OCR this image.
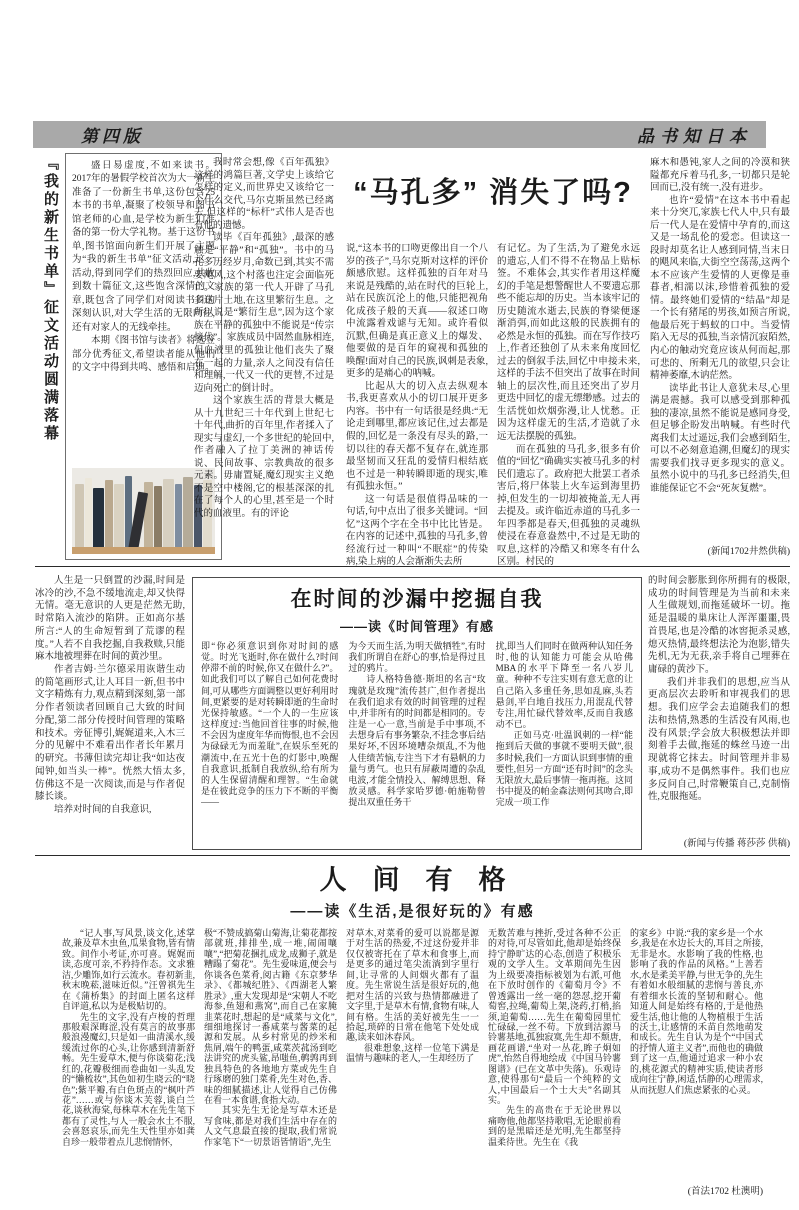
第四版	品书知日本
『我的新生书单』征文活动圆满落幕	盛日易虚度,不如来读书。2017年的暑假学校首次为大一新生准备了一份新生书单,这份包含25本书的书单,凝聚了校领导和图书馆老师的心血,是学校为新生们准备的第一份大学礼物。基于这份书单,图书馆面向新生们开展了主题为“我的新生书单”征文活动,这一活动,得到同学们的热烈回应,共收到数十篇征文,这些饱含深情的文章,既包含了同学们对阅读书目的深刻认识,对大学生活的无限向往,还有对家人的无线牵挂。

本期《图书馆与读者》将选登部分优秀征文,希望读者能从他们的文字中得到共鸣、感悟和启迪。

“马孔多” 消失了吗?

我时常会想,像《百年孤独》这样的鸿篇巨著,文学史上该给它怎样的定义,而世界史又该给它一个什么交代,马尔克斯虽然已经离去,但这样的“标杆”式伟人是否也有他的遗憾。

读毕《百年孤独》,最深的感触是“平静”和“孤独”。书中的马孔多历经岁月,命数已到,其实不需要飓风,这个村落也注定会面临死亡。家族的第一代人开辟了马孔多这片土地,在这里繁衍生息。之所以说是“繁衍生息”,因为这个家族在平静的孤独中不能说是“传宗接代”。家族成员中固然血脉相连,但血液里的孤独让他们丧失了聚在一起的力量,亲人之间没有信任和理解,一代又一代的更替,不过是迈向死亡的倒计时。

这个家族生活的背景大概是从十九世纪三十年代到上世纪七十年代,曲折的百年里,作者揉入了现实与虚幻,一个多世纪的轮回中,作者融入了拉丁美洲的神话传说、民间故事、宗教典故的很多元素。毋庸置疑,魔幻现实主义绝不是空中楼阁,它的根基深深的扎在了每个人的心里,甚至是一个时代的血液里。有的评论

说,“这本书的口吻更像出自一个八岁的孩子”,马尔克斯对这样的评价颇感欣慰。这样孤独的百年对马来说是残酷的,站在时代的巨轮上,站在民族沉沦上的他,只能把视角化成孩子般的天真——叙述口吻中流露着戏谑与无知。或许看似沉默,但确是真正意义上的爆发、他要做的是百年的窥视和孤独的唤醒!面对自己的民族,讽刺是表象,更多的是痛心的呐喊。

比起从大的切入点去纵观本书,我更喜欢从小的切口展开更多内容。书中有一句话很是经典:“无论走到哪里,都应该记住,过去都是假的,回忆是一条没有尽头的路,一切以往的春天都不复存在,就连那最坚韧而又狂乱的爱情归根结底也不过是一种转瞬即逝的现实,唯有孤独永恒。”

这一句话是很值得品味的一句话,句中点出了很多关键词。“回忆”这两个字在全书中比比皆是。在内容的记述中,孤独的马孔多,曾经流行过一种叫“不眠症”的传染病,染上病的人会渐渐失去所

有记忆。为了生活,为了避免永远的遗忘,人们不得不在物品上贴标签。不难体会,其实作者用这样魔幻的手笔是想警醒世人不要遗忘那些不能忘却的历史。当本该牢记的历史随流水逝去,民族的脊梁便逐渐消弭,而如此这般的民族拥有的必然是永恒的孤独。而在写作技巧上,作者还独创了从未来角度回忆过去的倒叙手法,回忆中申接未来,这样的手法不但突出了故事在时间轴上的层次性,而且还突出了岁月更迭中回忆的虚无缥缈感。过去的生活恍如炊烟弥漫,让人忧愁。正因为这样虚无的生活,才造就了永远无法摆脱的孤独。

而在孤独的马孔多,很多有价值的“回忆”确确实实被马孔多的村民们遗忘了。政府把大批罢工者杀害后,将尸体装上火车运到海里扔掉,但发生的一切却被掩盖,无人再去提及。或许临近赤道的马孔多一年四季都是春天,但孤独的灵魂纵使浸在春意盎然中,不过是无助的叹息,这样的冷酷又和寒冬有什么区别。村民的

麻木和愚钝,家人之间的冷漠和狭隘都充斥着马孔多,一切都只是轮回而已,没有统一,没有进步。

也许“爱情”在这本书中看起来十分突兀,家族七代人中,只有最后一代人是在爱情中孕育的,而这又是一场乱伦的爱恋。但读这一段时却莫名让人感到同情,当末日的飓风来临,大街空空荡荡,这两个本不应该产生爱情的人更像是垂暮者,相濡以沫,珍惜着孤独的爱情。最终她们爱情的“结晶”却是一个长有猪尾的男孩,如预言所说,他最后死于蚂蚁的口中。当爱情陷入无尽的孤独,当亲情沉寂陌然,内心的触动究竟应该从何而起,那可悲的、所剩无几的欲望,只会让精神萎靡,木讷茫然。

读毕此书让人意犹未尽,心里满是震撼。我可以感受到那种孤独的凄凉,虽然不能说是感同身受,但足够企盼发出呐喊。有些时代离我们太过遥远,我们会感到陌生,可以不必刻意追溯,但魔幻的现实需要我们找寻更多现实的意义。虽然小说中的马孔多已经消失,但谁能保证它不会“死灰复燃”。

(新闻1702井然供稿)

人生是一只倒置的沙漏,时间是冰冷的沙,不急不缓地流走,却又快得无情。毫无意识的人更是茫然无助,时常陷入流沙的陷阱。正如高尔基所言:“人的生命短暂到了荒谬的程度。”人若不自我挖掘,自我救赎,只能麻木地被埋葬在时间的黄沙里。

作者吉姆·兰尔德采用诙谐生动的简笔画形式,让人耳目一新,但书中文字精炼有力,观点精到深刻,第一部分作者领读者回顾自己大致的时间分配,第二部分传授时间管理的策略和技术。旁征博引,娓娓道来,入木三分的见解中不难看出作者长年累月的研究。书薄但读完却让我“如达夜闻钟,如当头一棒”。恍然大悟太多,仿佛这不是一次阅读,而是与作者促膝长谈。

培养对时间的自我意识,

在时间的沙漏中挖掘自我
——读《时间管理》有感

即“你必须意识到你对时间的感觉。时光飞逝时,你在做什么?时间停滞不前的时候,你又在做什么?”。如此我们可以了解自己如何花费时间,可从哪些方面调整以更好利用时间,更紧要的是对转瞬即逝的生命时光保持敏感。“一个人的一生应该这样度过:当他回首往事的时候,他不会因为虚度年华而悔恨,也不会因为碌碌无为而羞耻”,在娱乐至死的潮流中,在五光十色的灯影中,唤醒自我意识,抵制自我放纵,给有所为的人生保留清醒和理智。“生命就是在彼此竞争的压力下不断的平衡——

为今天而生活,为明天做牺牲”,有时我们所谓自在舒心的事,恰是得过且过的鸦片。

诗人格特鲁德·斯坦的名言“玫瑰就是玫瑰”流传甚广,但作者提出在我们追求有效的时间管理的过程中,并非所有的时间都是相同的。专注是一心一意,当前是手中事项,不去想身后有事务繁杂,不挂念事后结果好坏,不因环境嘈杂烦乱,不为他人佳绩苦恼,专注当下才有悬帆的力量与勇气。也只有屏蔽周遭的杂乱电波,才能全情投入、解缚思想、释放灵感。科学家哈罗德·帕施勒曾提出双重任务干

扰,即当人们同时在做两种认知任务时,他的认知能力可能会从哈佛MBA的水平下降至一名八岁儿童。种种不专注实则有意无意的让自己陷入多重任务,思如乱麻,头若悬剑,平白地自找压力,用混乱代替专注,用忙碌代替效率,反而自我感动不已。

正如马克·吐温讽刺的一样“能拖到后天做的事就不要明天做”,很多时候,我们一方面认识到事情的重要性,但另一方面“还有时间”的念头无限放大,最后事情一拖再拖。这同书中提及的帕金森法则何其吻合,即完成一项工作

的时间会膨胀到你所拥有的极限,成功的时间管理是为当前和未来人生做规划,而拖延破坏一切。拖延是温暖的巢床让人浑浑噩噩,畏首畏尾,也是冷酷的冰窖扼杀灵感,熄灭热情,最终想法沦为泡影,错失先机,无为无获,亲手将自己埋葬在庸碌的黄沙下。

我们并非我们的思想,应当从更高层次去聆听和审视我们的思想。我们应学会去追随我们的想法和热情,熟悉的生活没有风雨,也没有风景;学会放大积极想法并即刻着手去做,拖延的蛛丝马迹一出现就将它抹去。时间管理并非易事,成功不是偶然事件。我们也应多反问自己,时常鞭策自己,克制惰性,克服拖延。

(新闻与传播 蒋莎莎 供稿)
人间有格
——读《生活,是很好玩的》有感

“记人事,写风景,谈文化,述掌故,兼及草木虫鱼,瓜果食物,皆有情致。间作小考证,亦可喜。娓娓而读,态度可亲,不矜持作态。文求雅洁,少雕饰,如行云流水。春初新韭,秋末晚菘,滋味近似。”汪曾祺先生在《蒲桥集》的封面上匿名这样自评道,私以为是极贴切的。

先生的文字,没有卢梭的哲理那般艰深晦涩,没有莫言的故事那般浪漫魔幻,只是如一曲清溪水,缓缓流过你的心头,让你感到清新舒畅。先生爱草木,便与你谈菊花;浅红的,花瓣极细而卷曲如一头乱发的“懒梳妆”,其色如初生晓云的“晓色”;紫平瓣,有白色斑点的“枫叶芦花”……或与你谈木芙蓉,谈白兰花,谈秋海棠,每株草木在先生笔下都有了灵性,与人一般会水土不服,会喜怒哀乐,而先生天性里亦如龚自珍一般带着点儿悲悯情怀,

极“不赞成搞菊山菊海,让菊花都按部就班,排排坐,成一堆,闹闹嚷嚷”,“把菊花捆扎成龙,成狮子,就是糟蹋了菊花”。先生爱味道,便会与你谈各色菜肴,阅古籍《东京梦华录》、《都城纪胜》、《西湖老人繁胜录》,重大发现却是“宋朝人不吃海参,鱼翅和燕窝”,而自己在家腌韭菜花时,想起的是“咸菜与文化”,细细地探讨一番咸菜与酱菜的起源和发展。从乡村常见的炒米和焦屑,端午的鸭蛋,咸菜茨菰汤到吃法讲究的虎头鲨,昂嗤鱼,鹌鹑再到独具特色的各地地方菜或先生自行琢磨的独门菜肴,先生对色,香、味的细腻描述,让人觉得自己仿佛在看一本食谱,食指大动。

其实先生无论是写草木还是写食味,都是对我们生活中存在的人文气息最直接的提取,我们常说作家笔下“一切景语皆情语”,先生

对草木,对菜肴的爱可以说都是源于对生活的热爱,不过这份爱并非仅仅被寄托在了草木和食事上,而是更多的通过笔尖流淌到字里行间,让寻常的人间烟火都有了温度。先生常说生活是很好玩的,他把对生活的兴致与热情都融进了文字里,于是草木有情,食物有味,人间有格。生活的美好被先生一一拾起,琐碎的日常在他笔下处处成趣,读来如沐春风。

很难想象,这样一位笔下满是温情与趣味的老人,一生却经历了

无数苦难与挫折,受过各种不公正的对待,可尽管如此,他却是始终保持宁静旷达的心态,创造了积极乐观的文学人生。文革期间先生因为上级要凑指标被划为右派,可他在下放时创作的《葡萄月令》不曾透露出一丝一毫的怨怼,挖开葡萄窖,拉绳,葡萄上架,浇药,打梢,掐须,追葡萄……先生在葡萄园里忙忙碌碌,一丝不苟。下放到沽源马铃薯基地,孤独寂寞,先生却不颓唐,画花画谱,“坐对一丛花,眸子炯如虎”,怡然自得地绘成《中国马铃薯图谱》(已在文革中失落)。乐观诗意,使得那句“最后一个纯粹的文人,中国最后一个士大夫”名副其实。

先生的高贵在于无论世界以痛吻他,他都坚持歌唱,无论眼前看到的是黑暗还是光明,先生都坚持温柔待世。先生在《我

的家乡》中说:“我的家乡是一个水乡,我是在水边长大的,耳目之所接,无非是水。水影响了我的性格,也影响了我的作品的风格。”上善若水,水是柔美平静,与世无争的,先生有着如水般细腻的悲悯与善良,亦有着细水长流的坚韧和耐心。他知道人间是始终有格的,于是他热爱生活,他让他的人物植根于生活的沃土,让感情的禾苗自然地萌发和成长。先生自认为是个“中国式的抒情人道主义者”,而他也的确做到了这一点,他通过追求一种小农的,桃花源式的精神实质,使读者形成向往宁静,闲适,恬静的心理需求,从而抚慰人们焦虑紧张的心灵。

(首法1702 杜澳明)
